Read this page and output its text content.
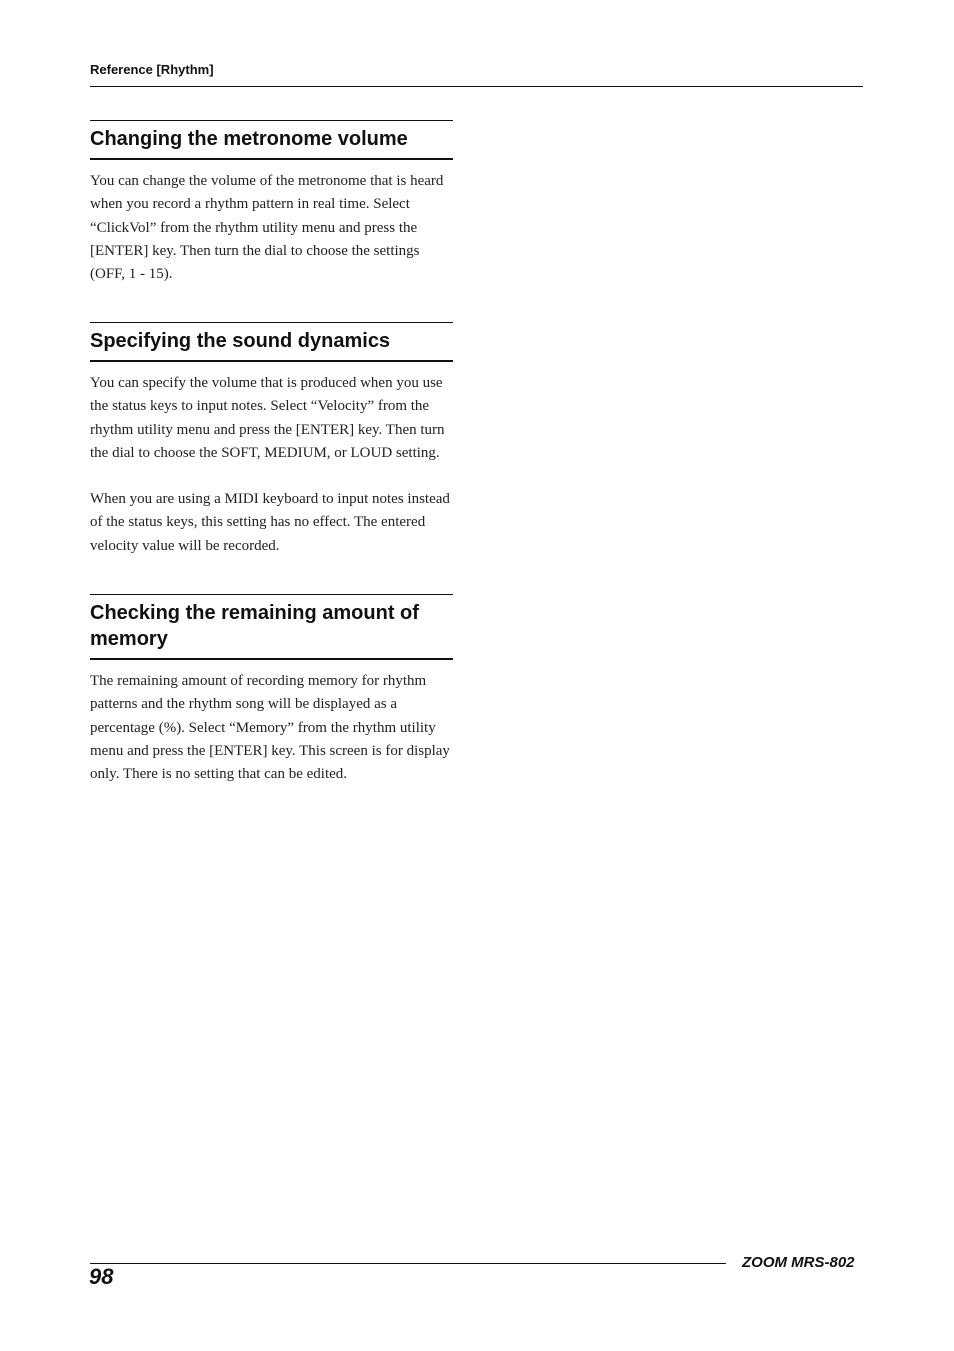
Reference [Rhythm]
Changing the metronome volume

You can change the volume of the metronome that is heard when you record a rhythm pattern in real time. Select “ClickVol” from the rhythm utility menu and press the [ENTER] key. Then turn the dial to choose the settings (OFF, 1 - 15).

Specifying the sound dynamics

You can specify the volume that is produced when you use the status keys to input notes. Select “Velocity” from the rhythm utility menu and press the [ENTER] key. Then turn the dial to choose the SOFT, MEDIUM, or LOUD setting.

When you are using a MIDI keyboard to input notes instead of the status keys, this setting has no effect. The entered velocity value will be recorded.

Checking the remaining amount of memory

The remaining amount of recording memory for rhythm patterns and the rhythm song will be displayed as a percentage (%). Select “Memory” from the rhythm utility menu and press the [ENTER] key. This screen is for display only. There is no setting that can be edited.

98
ZOOM MRS-802
